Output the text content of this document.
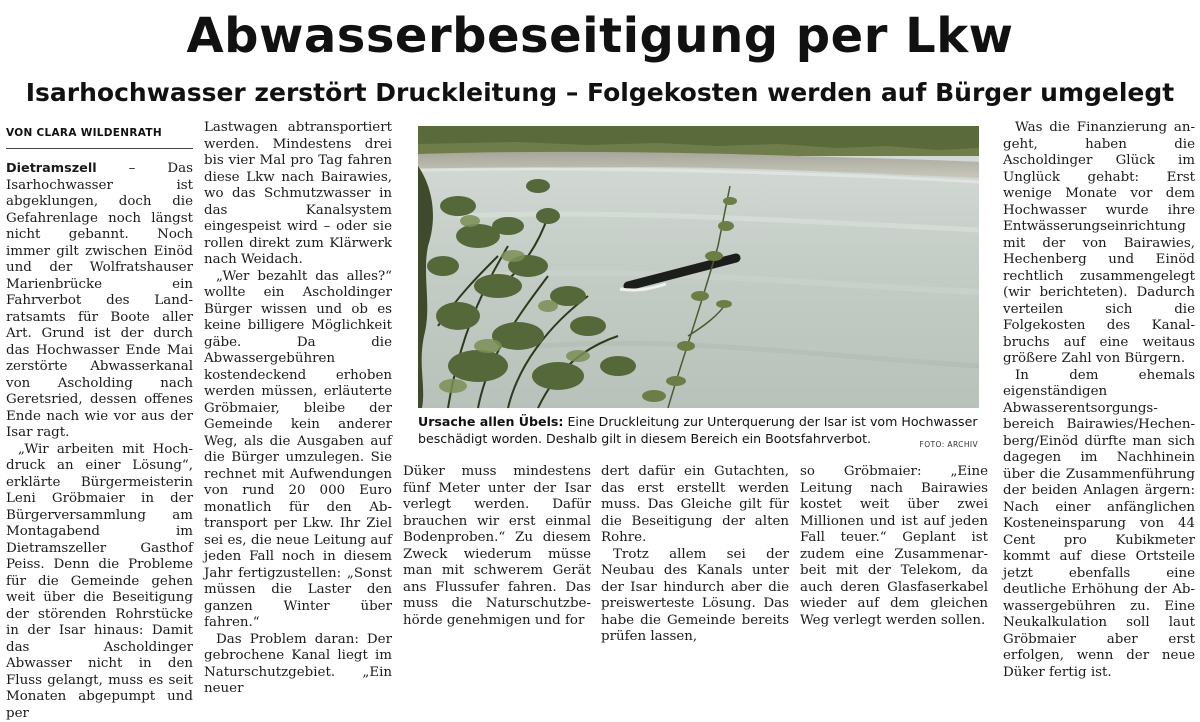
Abwasserbeseitigung per Lkw
Isarhochwasser zerstört Druckleitung – Folgekosten werden auf Bürger umgelegt
VON CLARA WILDENRATH

Dietramszell – Das Isarhochwasser ist abgeklungen, doch die Gefahrenlage noch längst nicht gebannt. Noch immer gilt zwischen Einöd und der Wolfratshauser Marienbrücke ein Fahrverbot des Landratsamts für Boote aller Art. Grund ist der durch das Hochwasser Ende Mai zerstörte Abwasserkanal von Ascholding nach Geretsried, dessen offenes Ende nach wie vor aus der Isar ragt.

„Wir arbeiten mit Hochdruck an einer Lösung“, erklärte Bürgermeisterin Leni Gröbmaier in der Bürgerversammlung am Montagabend im Dietramszeller Gasthof Peiss. Denn die Probleme für die Gemeinde gehen weit über die Beseitigung der störenden Rohrstücke in der Isar hinaus: Damit das Ascholdinger Abwasser nicht in den Fluss gelangt, muss es seit Monaten abgepumpt und per

Lastwagen abtransportiert werden. Mindestens drei bis vier Mal pro Tag fahren diese Lkw nach Bairawies, wo das Schmutzwasser in das Kanalsystem eingespeist wird – oder sie rollen direkt zum Klärwerk nach Weidach.

„Wer bezahlt das alles?“ wollte ein Ascholdinger Bürger wissen und ob es keine billigere Möglichkeit gäbe. Da die Abwassergebühren kostendeckend erhoben werden müssen, erläuterte Gröbmaier, bleibe der Gemeinde kein anderer Weg, als die Ausgaben auf die Bürger umzulegen. Sie rechnet mit Aufwendungen von rund 20 000 Euro monatlich für den Abtransport per Lkw. Ihr Ziel sei es, die neue Leitung auf jeden Fall noch in diesem Jahr fertigzustellen: „Sonst müssen die Laster den ganzen Winter über fahren.“

Das Problem daran: Der gebrochene Kanal liegt im Naturschutzgebiet. „Ein neuer

Ursache allen Übels: Eine Druckleitung zur Unterquerung der Isar ist vom Hochwasser beschädigt worden. Deshalb gilt in diesem Bereich ein Bootsfahrverbot.	FOTO: ARCHIV

Düker muss mindestens fünf Meter unter der Isar verlegt werden. Dafür brauchen wir erst einmal Bodenproben.“ Zu diesem Zweck wiederum müsse man mit schwerem Gerät ans Flussufer fahren. Das muss die Naturschutzbehörde genehmigen und for

dert dafür ein Gutachten, das erst erstellt werden muss. Das Gleiche gilt für die Beseitigung der alten Rohre.

Trotz allem sei der Neubau des Kanals unter der Isar hindurch aber die preiswerteste Lösung. Das habe die Gemeinde bereits prüfen lassen,

so Gröbmaier: „Eine Leitung nach Bairawies kostet weit über zwei Millionen und ist auf jeden Fall teuer.“ Geplant ist zudem eine Zusammenarbeit mit der Telekom, da auch deren Glasfaserkabel wieder auf dem gleichen Weg verlegt werden sollen.

Was die Finanzierung angeht, haben die Ascholdinger Glück im Unglück gehabt: Erst wenige Monate vor dem Hochwasser wurde ihre Entwässerungseinrichtung mit der von Bairawies, Hechenberg und Einöd rechtlich zusammengelegt (wir berichteten). Dadurch verteilen sich die Folgekosten des Kanalbruchs auf eine weitaus größere Zahl von Bürgern.

In dem ehemals eigenständigen Abwasserentsorgungsbereich Bairawies/Hechenberg/Einöd dürfte man sich dagegen im Nachhinein über die Zusammenführung der beiden Anlagen ärgern: Nach einer anfänglichen Kosteneinsparung von 44 Cent pro Kubikmeter kommt auf diese Ortsteile jetzt ebenfalls eine deutliche Erhöhung der Abwassergebühren zu. Eine Neukalkulation soll laut Gröbmaier aber erst erfolgen, wenn der neue Düker fertig ist.
